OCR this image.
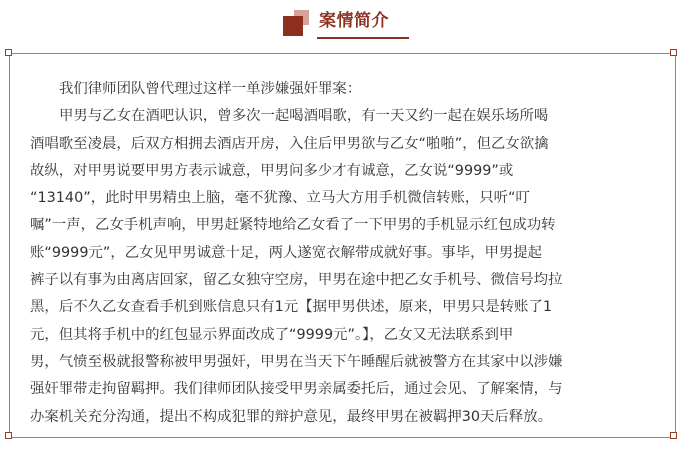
案情简介
我们律师团队曾代理过这样一单涉嫌强奸罪案：
甲男与乙女在酒吧认识，曾多次一起喝酒唱歌，有一天又约一起在娱乐场所喝
酒唱歌至凌晨，后双方相拥去酒店开房，入住后甲男欲与乙女“啪啪”，但乙女欲擒
故纵，对甲男说要甲男方表示诚意，甲男问多少才有诚意，乙女说“9999”或
“13140”，此时甲男精虫上脑，毫不犹豫、立马大方用手机微信转账，只听“叮
嘱”一声，乙女手机声响，甲男赶紧特地给乙女看了一下甲男的手机显示红包成功转
账“9999元”，乙女见甲男诚意十足，两人遂宽衣解带成就好事。事毕，甲男提起
裤子以有事为由离店回家，留乙女独守空房，甲男在途中把乙女手机号、微信号均拉
黑，后不久乙女查看手机到账信息只有1元【据甲男供述，原来，甲男只是转账了1
元，但其将手机中的红包显示界面改成了“9999元”。】，乙女又无法联系到甲
男，气愤至极就报警称被甲男强奸，甲男在当天下午睡醒后就被警方在其家中以涉嫌
强奸罪带走拘留羁押。我们律师团队接受甲男亲属委托后，通过会见、了解案情，与
办案机关充分沟通，提出不构成犯罪的辩护意见，最终甲男在被羁押30天后释放。
